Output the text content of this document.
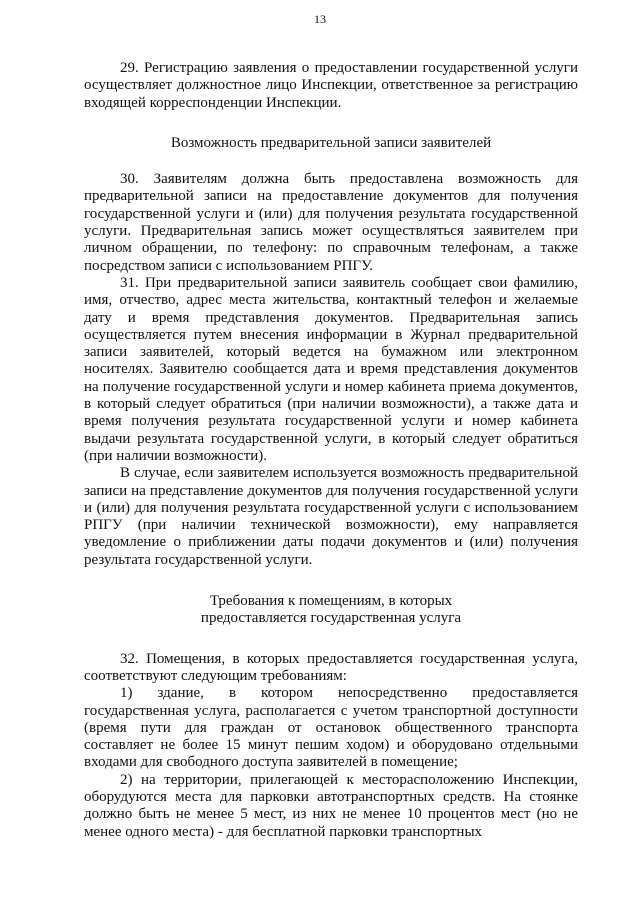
13

29. Регистрацию заявления о предоставлении государственной услуги осуществляет должностное лицо Инспекции, ответственное за регистрацию входящей корреспонденции Инспекции.

Возможность предварительной записи заявителей

30. Заявителям должна быть предоставлена возможность для предварительной записи на предоставление документов для получения государственной услуги и (или) для получения результата государственной услуги. Предварительная запись может осуществляться заявителем при личном обращении, по телефону: по справочным телефонам, а также посредством записи с использованием РПГУ.

31. При предварительной записи заявитель сообщает свои фамилию, имя, отчество, адрес места жительства, контактный телефон и желаемые дату и время представления документов. Предварительная запись осуществляется путем внесения информации в Журнал предварительной записи заявителей, который ведется на бумажном или электронном носителях. Заявителю сообщается дата и время представления документов на получение государственной услуги и номер кабинета приема документов, в который следует обратиться (при наличии возможности), а также дата и время получения результата государственной услуги и номер кабинета выдачи результата государственной услуги, в который следует обратиться (при наличии возможности).

В случае, если заявителем используется возможность предварительной записи на представление документов для получения государственной услуги и (или) для получения результата государственной услуги с использованием РПГУ (при наличии технической возможности), ему направляется уведомление о приближении даты подачи документов и (или) получения результата государственной услуги.

Требования к помещениям, в которых

предоставляется государственная услуга

32. Помещения, в которых предоставляется государственная услуга, соответствуют следующим требованиям:

1) здание, в котором непосредственно предоставляется государственная услуга, располагается с учетом транспортной доступности (время пути для граждан от остановок общественного транспорта составляет не более 15 минут пешим ходом) и оборудовано отдельными входами для свободного доступа заявителей в помещение;

2) на территории, прилегающей к месторасположению Инспекции, оборудуются места для парковки автотранспортных средств. На стоянке должно быть не менее 5 мест, из них не менее 10 процентов мест (но не менее одного места) - для бесплатной парковки транспортных
